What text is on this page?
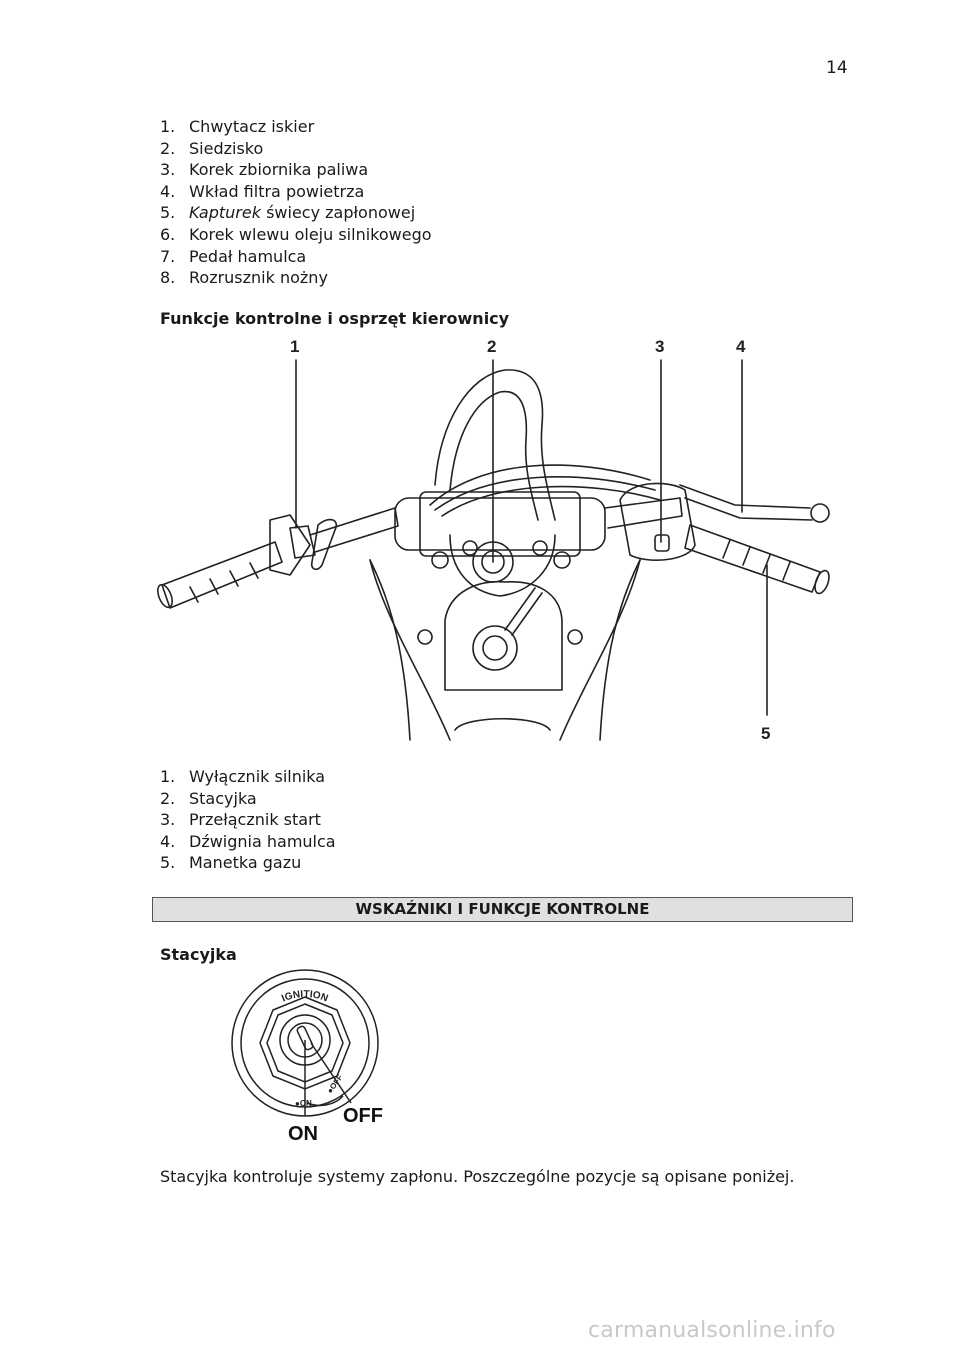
14
1. Chwytacz iskier
2. Siedzisko
3. Korek zbiornika paliwa
4. Wkład filtra powietrza
5. Kapturek świecy zapłonowej
6. Korek wlewu oleju silnikowego
7. Pedał hamulca
8. Rozrusznik nożny
Funkcje kontrolne i osprzęt kierownicy
1	2	3	4
5
1. Wyłącznik silnika
2. Stacyjka
3. Przełącznik start
4. Dźwignia hamulca
5. Manetka gazu
WSKAŹNIKI I FUNKCJE KONTROLNE
Stacyjka
IGNITION
●ON
●OFF
ON
OFF
Stacyjka kontroluje systemy zapłonu. Poszczególne pozycje są opisane poniżej.
carmanualsonline.info
